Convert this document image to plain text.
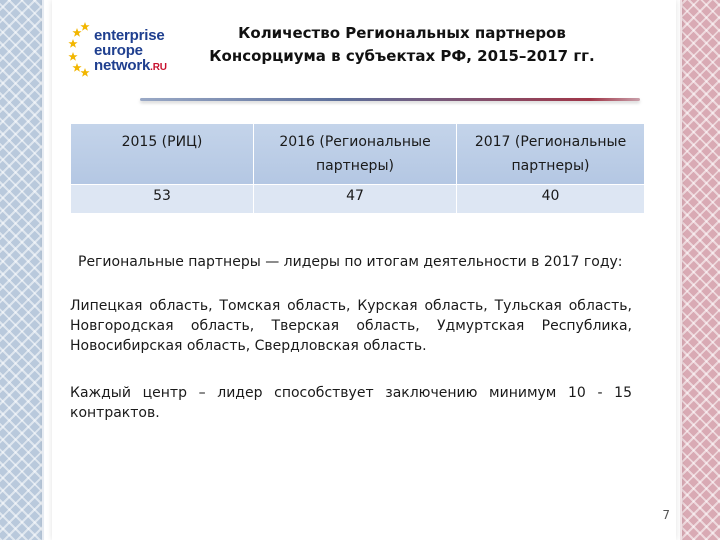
enterprise
europe
network.RU
Количество Региональных партнеров
Консорциума в субъектах РФ, 2015–2017 гг.
2015 (РИЦ)	2016 (Региональные партнеры)	2017 (Региональные партнеры)
53	47	40
Региональные партнеры — лидеры по итогам деятельности в 2017 году:
Липецкая область, Томская область, Курская область, Тульская область, Новгородская область, Тверская область, Удмуртская Республика, Новосибирская область, Свердловская область.
Каждый центр – лидер способствует заключению минимум 10 - 15 контрактов.
7
